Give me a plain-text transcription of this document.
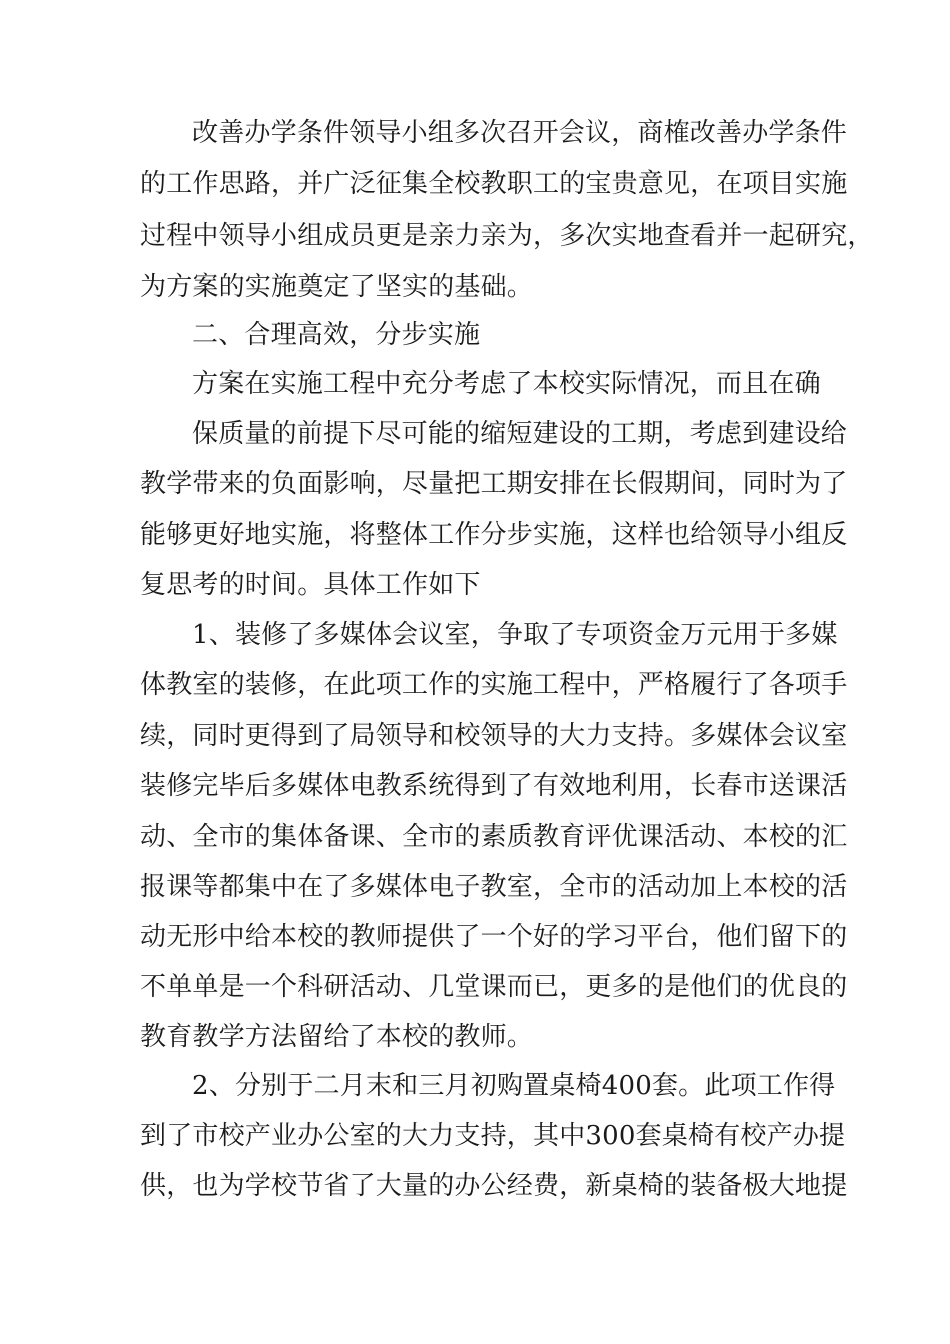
改善办学条件领导小组多次召开会议，商榷改善办学条件
的工作思路，并广泛征集全校教职工的宝贵意见，在项目实施
过程中领导小组成员更是亲力亲为，多次实地查看并一起研究，
为方案的实施奠定了坚实的基础。
二、合理高效，分步实施
方案在实施工程中充分考虑了本校实际情况，而且在确
保质量的前提下尽可能的缩短建设的工期，考虑到建设给
教学带来的负面影响，尽量把工期安排在长假期间，同时为了
能够更好地实施，将整体工作分步实施，这样也给领导小组反
复思考的时间。具体工作如下
1、装修了多媒体会议室，争取了专项资金万元用于多媒
体教室的装修，在此项工作的实施工程中，严格履行了各项手
续，同时更得到了局领导和校领导的大力支持。多媒体会议室
装修完毕后多媒体电教系统得到了有效地利用，长春市送课活
动、全市的集体备课、全市的素质教育评优课活动、本校的汇
报课等都集中在了多媒体电子教室，全市的活动加上本校的活
动无形中给本校的教师提供了一个好的学习平台，他们留下的
不单单是一个科研活动、几堂课而已，更多的是他们的优良的
教育教学方法留给了本校的教师。
2、分别于二月末和三月初购置桌椅400套。此项工作得
到了市校产业办公室的大力支持，其中300套桌椅有校产办提
供，也为学校节省了大量的办公经费，新桌椅的装备极大地提
